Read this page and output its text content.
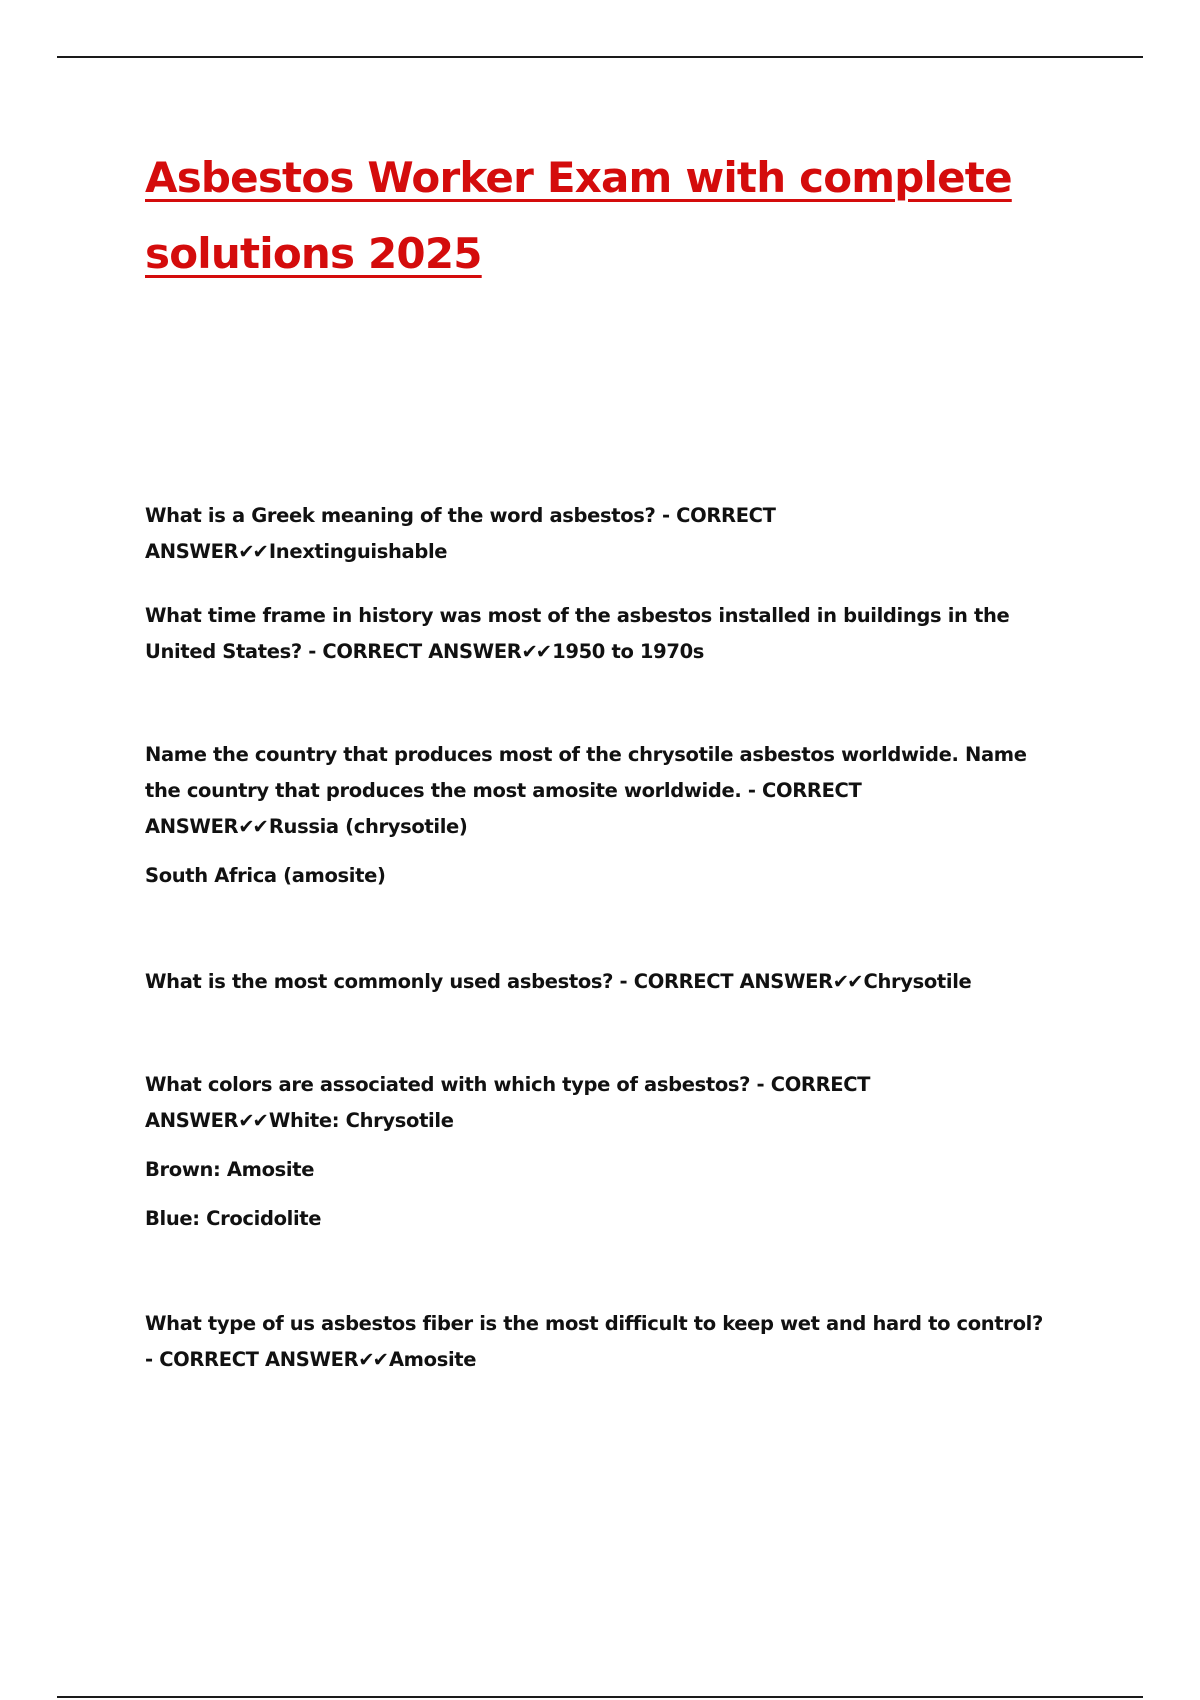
Asbestos Worker Exam with complete
solutions 2025

What is a Greek meaning of the word asbestos? - CORRECT ANSWER✔✔ Inextinguishable

What time frame in history was most of the asbestos installed in buildings in the United States? - CORRECT ANSWER✔✔ 1950 to 1970s

Name the country that produces most of the chrysotile asbestos worldwide. Name the country that produces the most amosite worldwide. - CORRECT ANSWER✔✔ Russia (chrysotile)

South Africa (amosite)

What is the most commonly used asbestos? - CORRECT ANSWER✔✔ Chrysotile

What colors are associated with which type of asbestos? - CORRECT ANSWER✔✔ White: Chrysotile

Brown: Amosite

Blue: Crocidolite

What type of us asbestos fiber is the most difficult to keep wet and hard to control? - CORRECT ANSWER✔✔ Amosite
